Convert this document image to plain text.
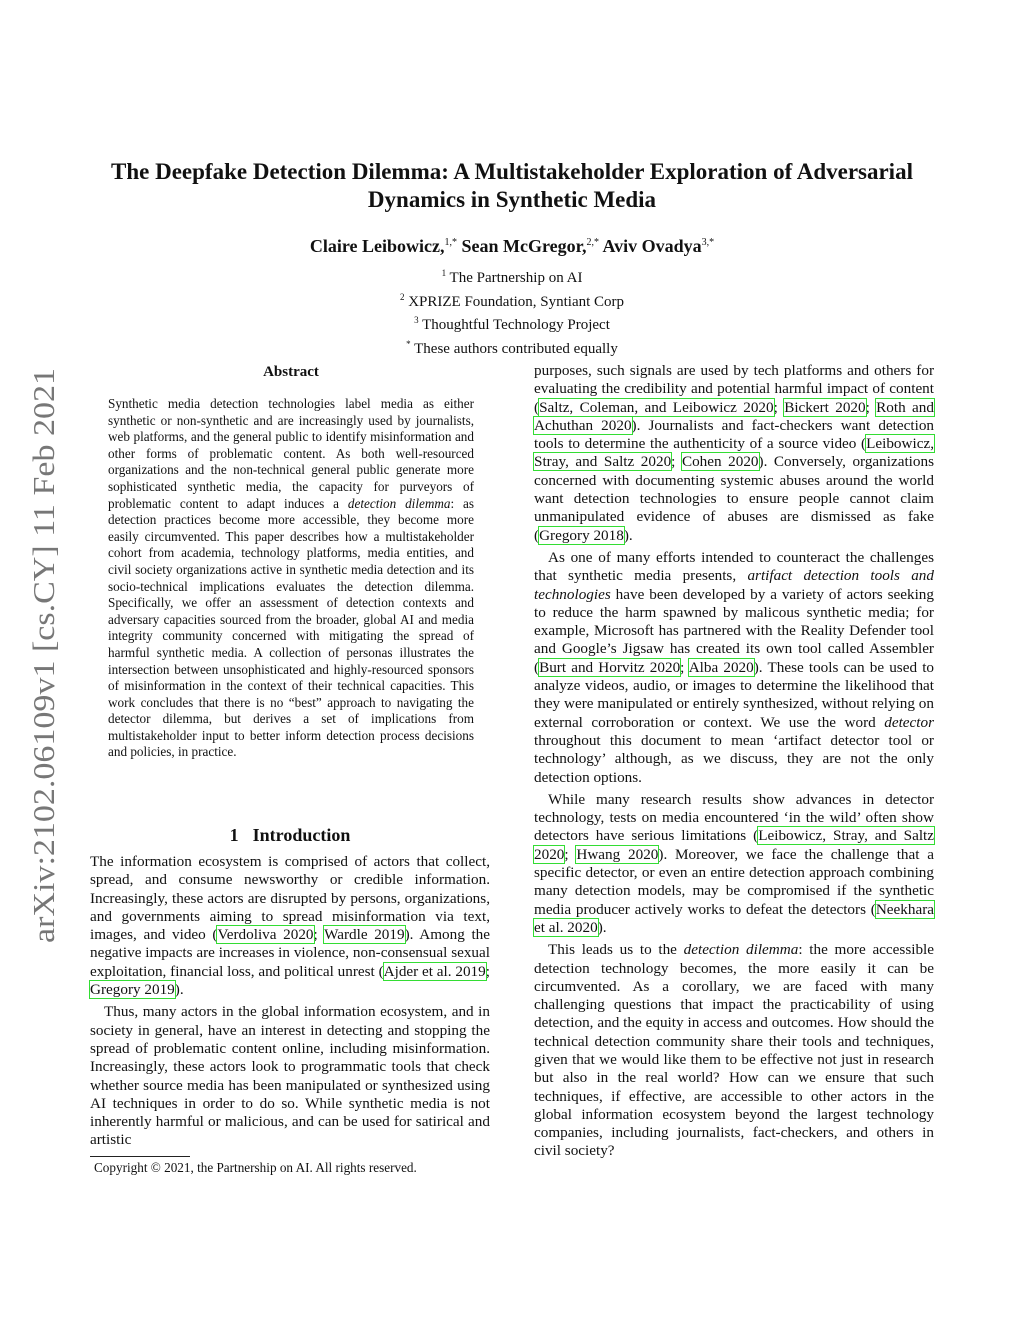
arXiv:2102.06109v1 [cs.CY] 11 Feb 2021
The Deepfake Detection Dilemma: A Multistakeholder Exploration of Adversarial
Dynamics in Synthetic Media
Claire Leibowicz,$^{1,*}$ Sean McGregor,$^{2,*}$ Aviv Ovadya$^{3,*}$
$^1$ The Partnership on AI
$^2$ XPRIZE Foundation, Syntiant Corp
$^3$ Thoughtful Technology Project
* These authors contributed equally
Abstract
Synthetic media detection technologies label media as either synthetic or non-synthetic and are increasingly used by journalists, web platforms, and the general public to identify misinformation and other forms of problematic content. As both well-resourced organizations and the non-technical general public generate more sophisticated synthetic media, the capacity for purveyors of problematic content to adapt induces a detection dilemma: as detection practices become more accessible, they become more easily circumvented. This paper describes how a multistakeholder cohort from academia, technology platforms, media entities, and civil society organizations active in synthetic media detection and its socio-technical implications evaluates the detection dilemma. Specifically, we offer an assessment of detection contexts and adversary capacities sourced from the broader, global AI and media integrity community concerned with mitigating the spread of harmful synthetic media. A collection of personas illustrates the intersection between unsophisticated and highly-resourced sponsors of misinformation in the context of their technical capacities. This work concludes that there is no “best” approach to navigating the detector dilemma, but derives a set of implications from multistakeholder input to better inform detection process decisions and policies, in practice.
1 Introduction

The information ecosystem is comprised of actors that collect, spread, and consume newsworthy or credible information. Increasingly, these actors are disrupted by persons, organizations, and governments aiming to spread misinformation via text, images, and video (Verdoliva 2020; Wardle 2019). Among the negative impacts are increases in violence, non-consensual sexual exploitation, financial loss, and political unrest (Ajder et al. 2019; Gregory 2019).

Thus, many actors in the global information ecosystem, and in society in general, have an interest in detecting and stopping the spread of problematic content online, including misinformation. Increasingly, these actors look to programmatic tools that check whether source media has been manipulated or synthesized using AI techniques in order to do so. While synthetic media is not inherently harmful or malicious, and can be used for satirical and artistic

Copyright © 2021, the Partnership on AI. All rights reserved.

purposes, such signals are used by tech platforms and others for evaluating the credibility and potential harmful impact of content (Saltz, Coleman, and Leibowicz 2020; Bickert 2020; Roth and Achuthan 2020). Journalists and fact-checkers want detection tools to determine the authenticity of a source video (Leibowicz, Stray, and Saltz 2020; Cohen 2020). Conversely, organizations concerned with documenting systemic abuses around the world want detection technologies to ensure people cannot claim unmanipulated evidence of abuses are dismissed as fake (Gregory 2018).

As one of many efforts intended to counteract the challenges that synthetic media presents, artifact detection tools and technologies have been developed by a variety of actors seeking to reduce the harm spawned by malicous synthetic media; for example, Microsoft has partnered with the Reality Defender tool and Google’s Jigsaw has created its own tool called Assembler (Burt and Horvitz 2020; Alba 2020). These tools can be used to analyze videos, audio, or images to determine the likelihood that they were manipulated or entirely synthesized, without relying on external corroboration or context. We use the word detector throughout this document to mean ‘artifact detector tool or technology’ although, as we discuss, they are not the only detection options.

While many research results show advances in detector technology, tests on media encountered ‘in the wild’ often show detectors have serious limitations (Leibowicz, Stray, and Saltz 2020; Hwang 2020). Moreover, we face the challenge that a specific detector, or even an entire detection approach combining many detection models, may be compromised if the synthetic media producer actively works to defeat the detectors (Neekhara et al. 2020).

This leads us to the detection dilemma: the more accessible detection technology becomes, the more easily it can be circumvented. As a corollary, we are faced with many challenging questions that impact the practicability of using detection, and the equity in access and outcomes. How should the technical detection community share their tools and techniques, given that we would like them to be effective not just in research but also in the real world? How can we ensure that such techniques, if effective, are accessible to other actors in the global information ecosystem beyond the largest technology companies, including journalists, fact-checkers, and others in civil society?
